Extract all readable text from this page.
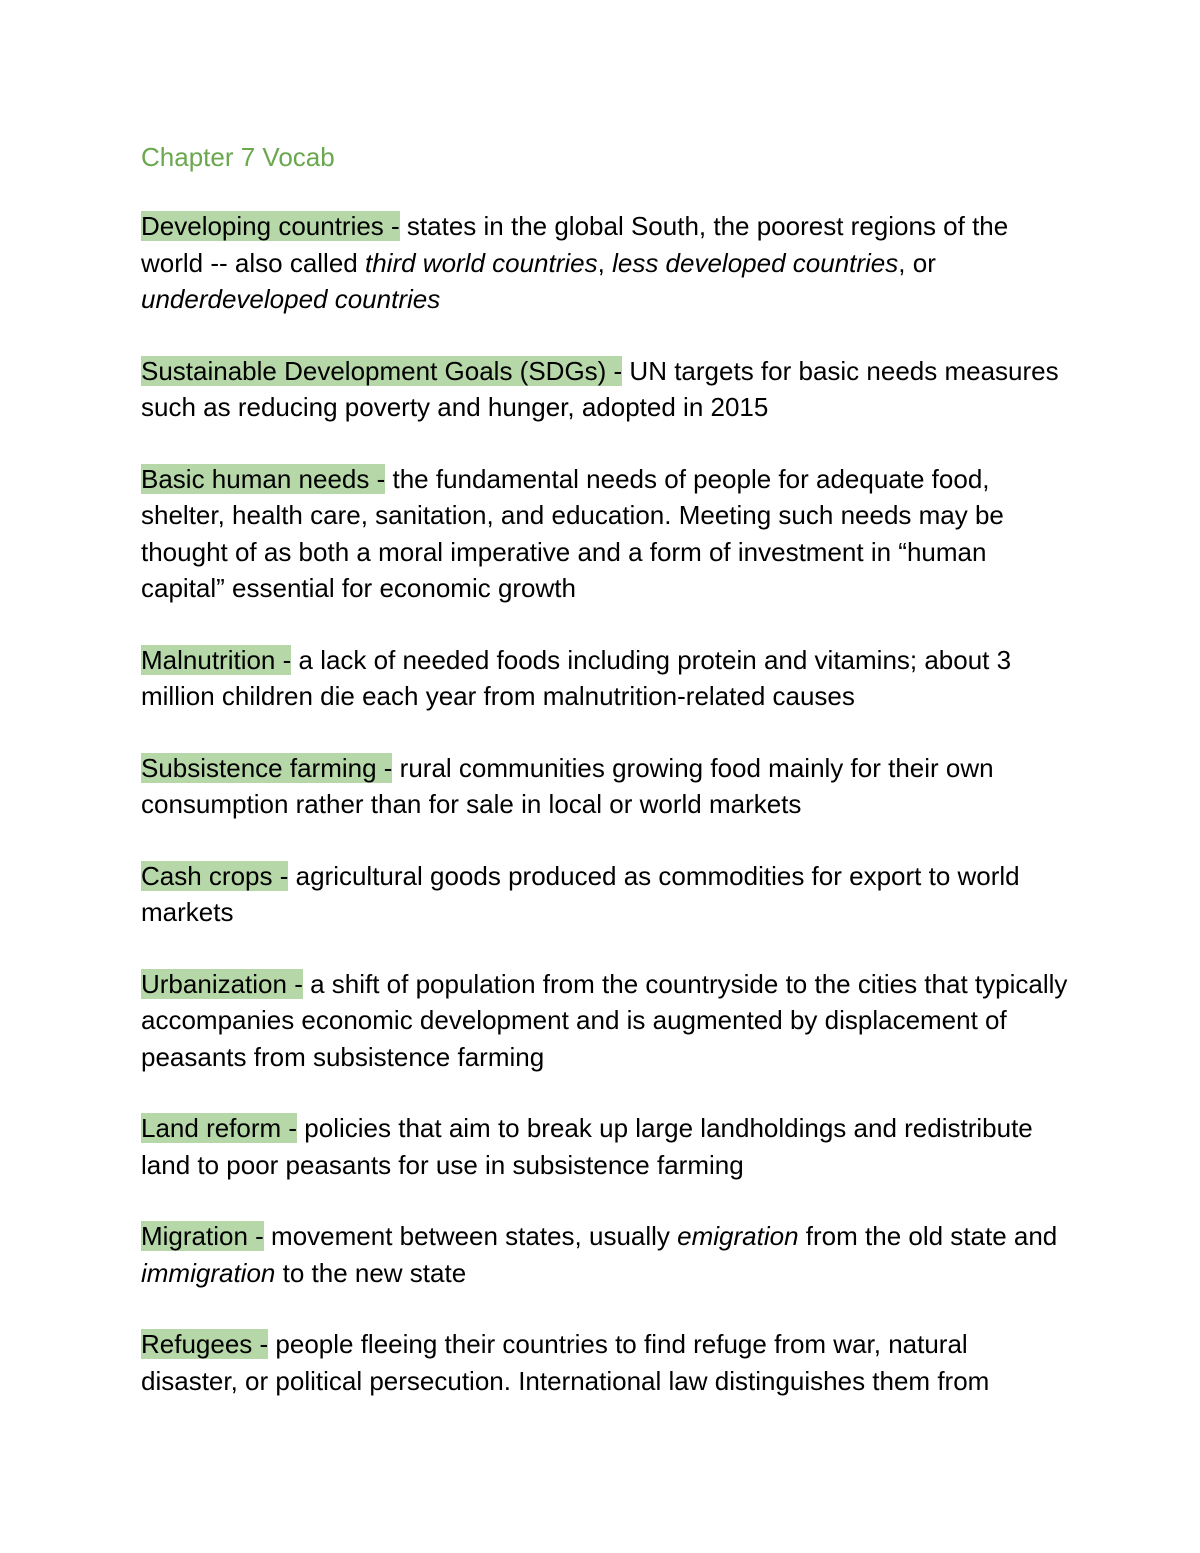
Chapter 7 Vocab

Developing countries - states in the global South, the poorest regions of the world -- also called third world countries, less developed countries, or underdeveloped countries

Sustainable Development Goals (SDGs) - UN targets for basic needs measures such as reducing poverty and hunger, adopted in 2015

Basic human needs - the fundamental needs of people for adequate food, shelter, health care, sanitation, and education. Meeting such needs may be thought of as both a moral imperative and a form of investment in “human capital” essential for economic growth

Malnutrition - a lack of needed foods including protein and vitamins; about 3 million children die each year from malnutrition-related causes

Subsistence farming - rural communities growing food mainly for their own consumption rather than for sale in local or world markets

Cash crops - agricultural goods produced as commodities for export to world markets

Urbanization - a shift of population from the countryside to the cities that typically accompanies economic development and is augmented by displacement of peasants from subsistence farming

Land reform - policies that aim to break up large landholdings and redistribute land to poor peasants for use in subsistence farming

Migration - movement between states, usually emigration from the old state and immigration to the new state

Refugees - people fleeing their countries to find refuge from war, natural disaster, or political persecution. International law distinguishes them from
